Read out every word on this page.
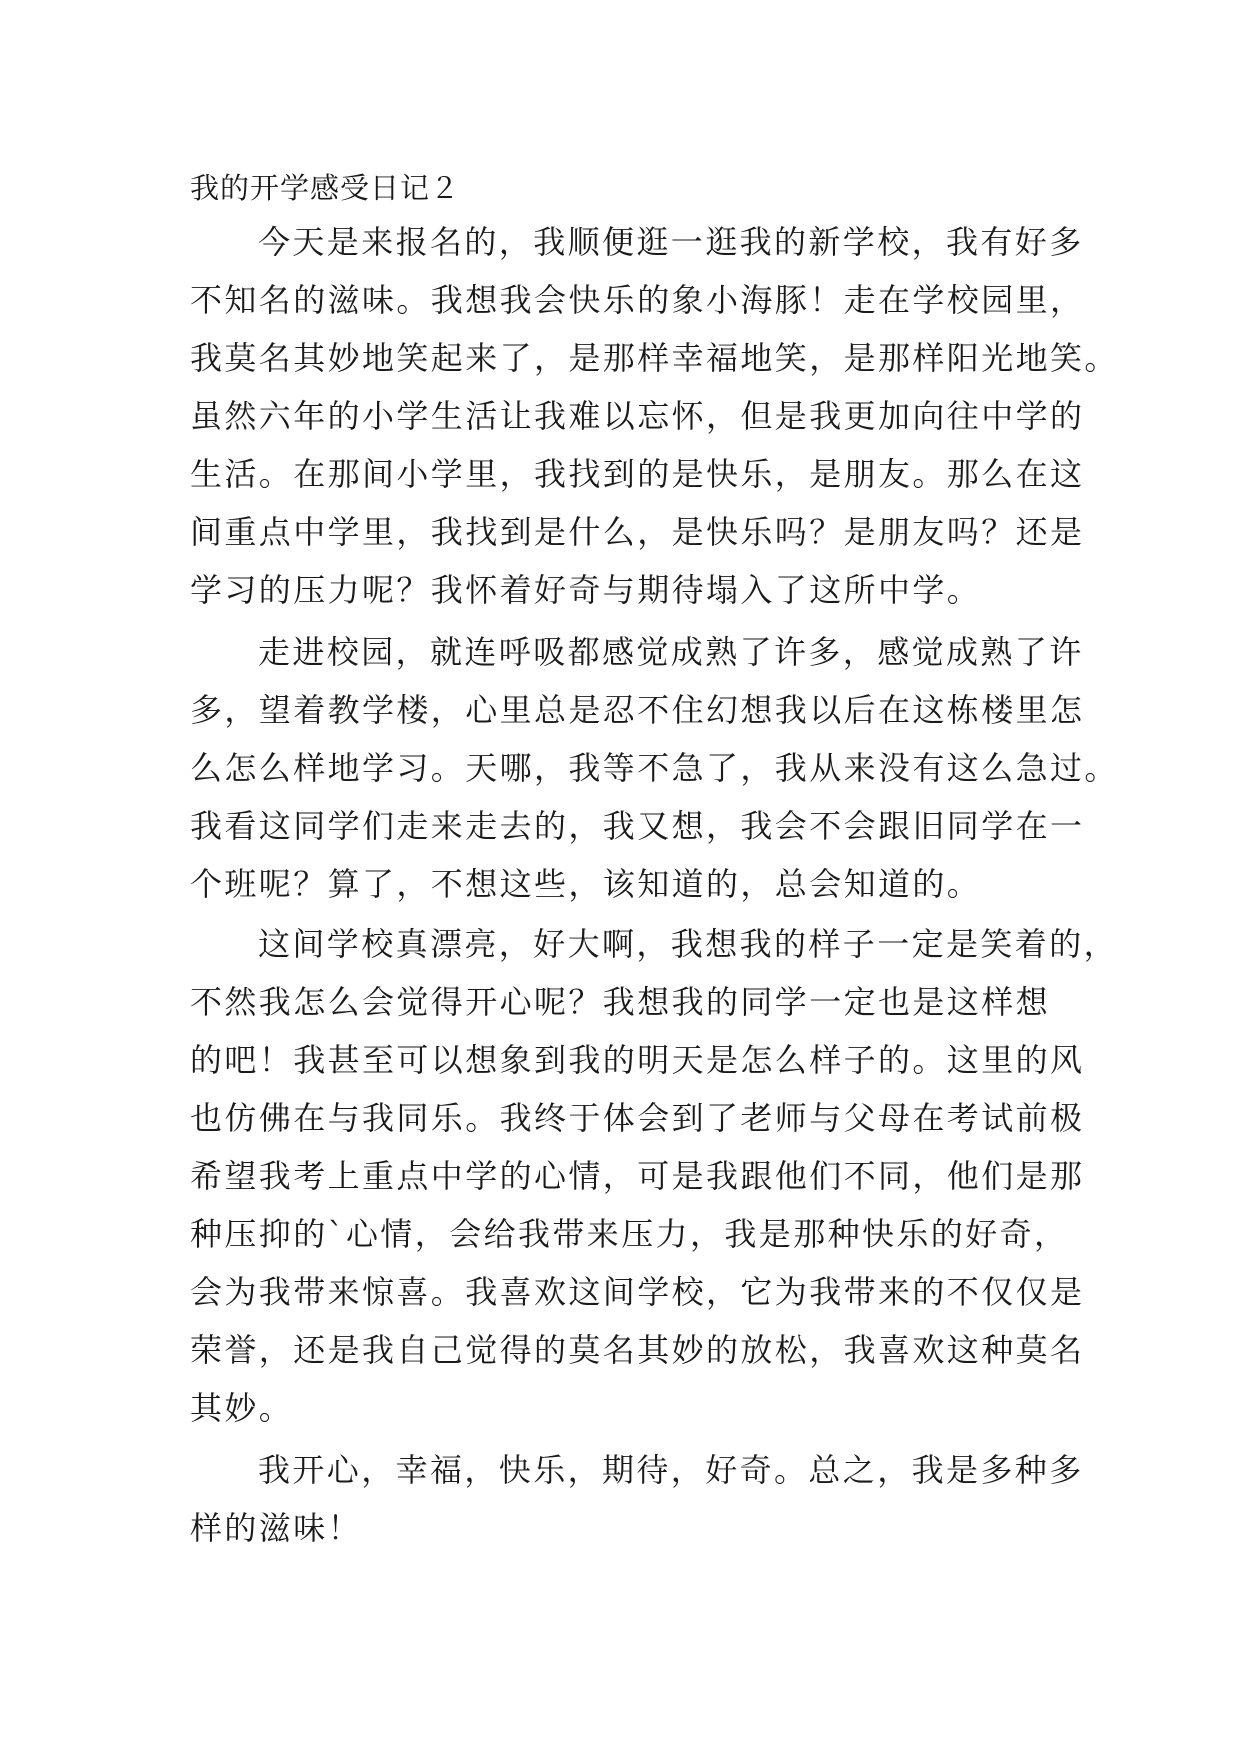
我的开学感受日记２

今天是来报名的，我顺便逛一逛我的新学校，我有好多

不知名的滋味。我想我会快乐的象小海豚！走在学校园里，

我莫名其妙地笑起来了，是那样幸福地笑，是那样阳光地笑。

虽然六年的小学生活让我难以忘怀，但是我更加向往中学的

生活。在那间小学里，我找到的是快乐，是朋友。那么在这

间重点中学里，我找到是什么，是快乐吗？是朋友吗？还是

学习的压力呢？我怀着好奇与期待塌入了这所中学。

走进校园，就连呼吸都感觉成熟了许多，感觉成熟了许

多，望着教学楼，心里总是忍不住幻想我以后在这栋楼里怎

么怎么样地学习。天哪，我等不急了，我从来没有这么急过。

我看这同学们走来走去的，我又想，我会不会跟旧同学在一

个班呢？算了，不想这些，该知道的，总会知道的。

这间学校真漂亮，好大啊，我想我的样子一定是笑着的，

不然我怎么会觉得开心呢？我想我的同学一定也是这样想

的吧！我甚至可以想象到我的明天是怎么样子的。这里的风

也仿佛在与我同乐。我终于体会到了老师与父母在考试前极

希望我考上重点中学的心情，可是我跟他们不同，他们是那

种压抑的`心情，会给我带来压力，我是那种快乐的好奇，

会为我带来惊喜。我喜欢这间学校，它为我带来的不仅仅是

荣誉，还是我自己觉得的莫名其妙的放松，我喜欢这种莫名

其妙。

我开心，幸福，快乐，期待，好奇。总之，我是多种多

样的滋味！
